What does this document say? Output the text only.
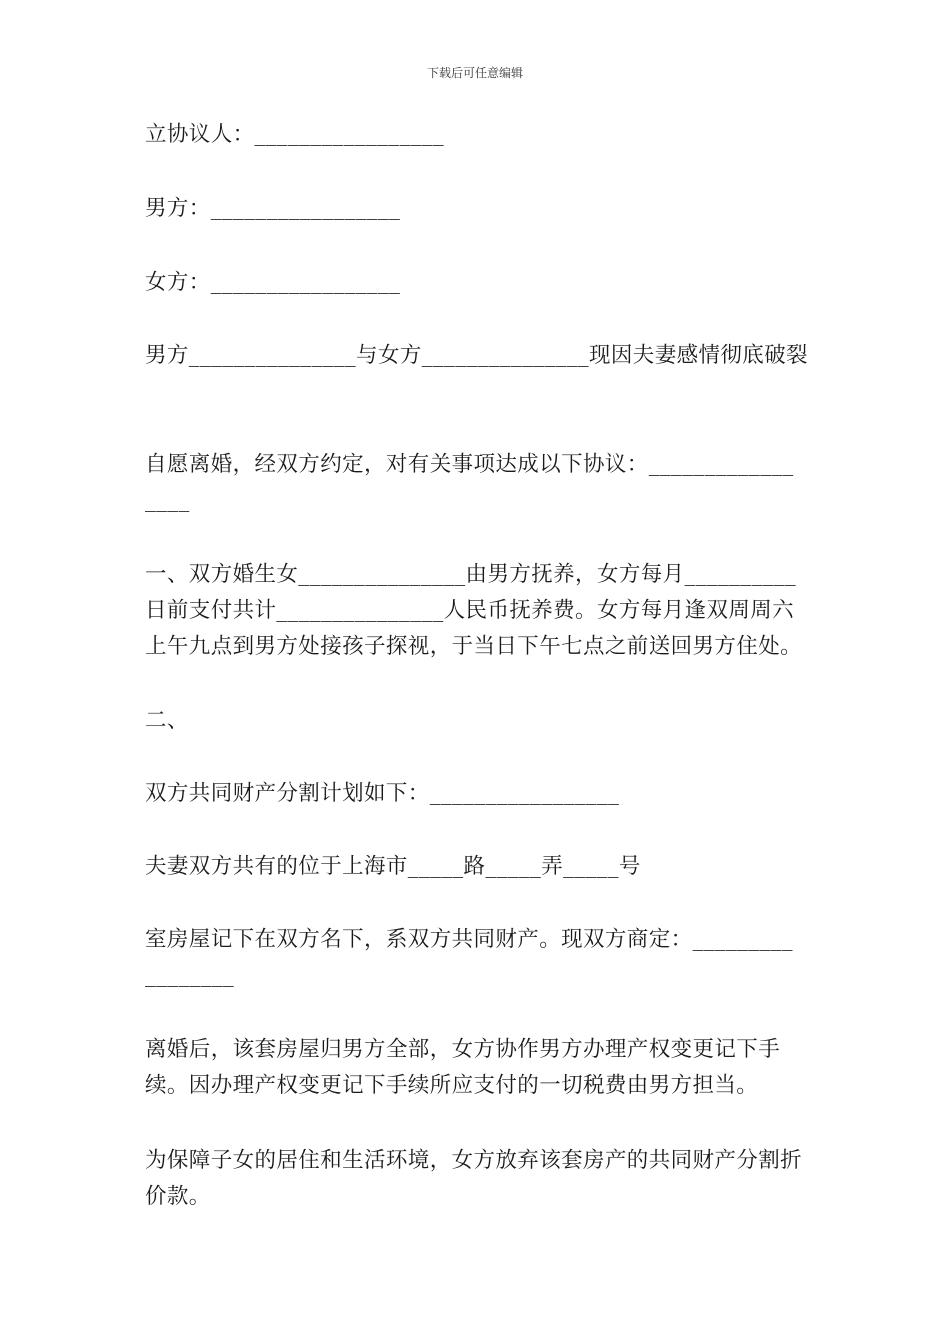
下载后可任意编辑

立协议人：_________________

男方：_________________

女方：_________________

男方_______________与女方_______________现因夫妻感情彻底破裂

自愿离婚，经双方约定，对有关事项达成以下协议：_____________ ____

一、双方婚生女_______________由男方抚养，女方每月__________ 日前支付共计_______________人民币抚养费。女方每月逢双周周六上午九点到男方处接孩子探视，于当日下午七点之前送回男方住处。

二、

双方共同财产分割计划如下：_________________

夫妻双方共有的位于上海市_____路_____弄_____号

室房屋记下在双方名下，系双方共同财产。现双方商定：_________ ________

离婚后，该套房屋归男方全部，女方协作男方办理产权变更记下手续。因办理产权变更记下手续所应支付的一切税费由男方担当。

为保障子女的居住和生活环境，女方放弃该套房产的共同财产分割折价款。
